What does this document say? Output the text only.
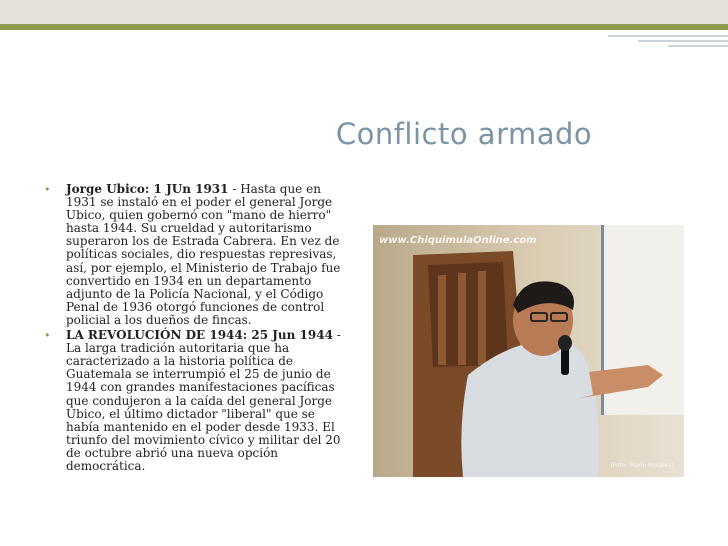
Conflicto armado
• Jorge Ubico: 1 JUn 1931 - Hasta que en 1931 se instaló en el poder el general Jorge Ubico, quien gobernó con "mano de hierro" hasta 1944. Su crueldad y autoritarismo superaron los de Estrada Cabrera. En vez de políticas sociales, dio respuestas represivas, así, por ejemplo, el Ministerio de Trabajo fue convertido en 1934 en un departamento adjunto de la Policía Nacional, y el Código Penal de 1936 otorgó funciones de control policial a los dueños de fincas.
• LA REVOLUCIÓN DE 1944: 25 Jun 1944 - La larga tradición autoritaria que ha caracterizado a la historia política de Guatemala se interrumpió el 25 de junio de 1944 con grandes manifestaciones pacíficas que condujeron a la caída del general Jorge Ubico, el último dictador "liberal" que se había mantenido en el poder desde 1933. El triunfo del movimiento cívico y militar del 20 de octubre abrió una nueva opción democrática.
www.ChiquimulaOnline.com
(Foto: Mario Morales)
